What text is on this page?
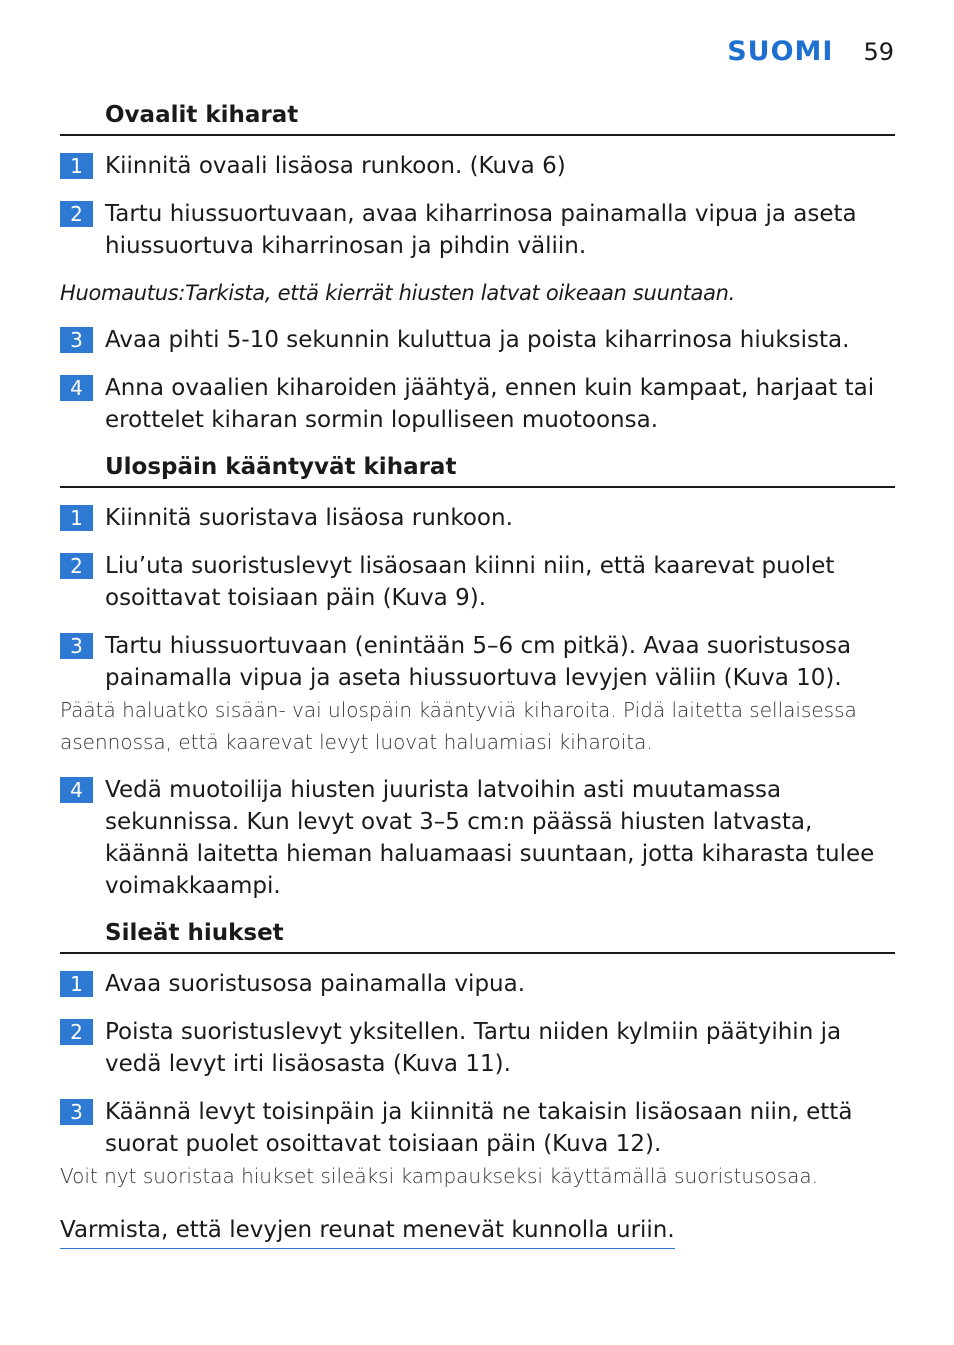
SUOMI 59
Ovaalit kiharat
1 Kiinnitä ovaali lisäosa runkoon. (Kuva 6)
2 Tartu hiussuortuvaan, avaa kiharrinosa painamalla vipua ja aseta hiussuortuva kiharrinosan ja pihdin väliin.

Huomautus:Tarkista, että kierrät hiusten latvat oikeaan suuntaan.

3 Avaa pihti 5-10 sekunnin kuluttua ja poista kiharrinosa hiuksista.
4 Anna ovaalien kiharoiden jäähtyä, ennen kuin kampaat, harjaat tai erottelet kiharan sormin lopulliseen muotoonsa.
Ulospäin kääntyvät kiharat
1 Kiinnitä suoristava lisäosa runkoon.
2 Liu’uta suoristuslevyt lisäosaan kiinni niin, että kaarevat puolet osoittavat toisiaan päin (Kuva 9).
3 Tartu hiussuortuvaan (enintään 5–6 cm pitkä). Avaa suoristusosa painamalla vipua ja aseta hiussuortuva levyjen väliin (Kuva 10).

Päätä haluatko sisään- vai ulospäin kääntyviä kiharoita. Pidä laitetta sellaisessa asennossa, että kaarevat levyt luovat haluamiasi kiharoita.

4 Vedä muotoilija hiusten juurista latvoihin asti muutamassa sekunnissa. Kun levyt ovat 3–5 cm:n päässä hiusten latvasta, käännä laitetta hieman haluamaasi suuntaan, jotta kiharasta tulee voimakkaampi.
Sileät hiukset
1 Avaa suoristusosa painamalla vipua.
2 Poista suoristuslevyt yksitellen. Tartu niiden kylmiin päätyihin ja vedä levyt irti lisäosasta (Kuva 11).
3 Käännä levyt toisinpäin ja kiinnitä ne takaisin lisäosaan niin, että suorat puolet osoittavat toisiaan päin (Kuva 12).

Voit nyt suoristaa hiukset sileäksi kampaukseksi käyttämällä suoristusosaa.

Varmista, että levyjen reunat menevät kunnolla uriin.
